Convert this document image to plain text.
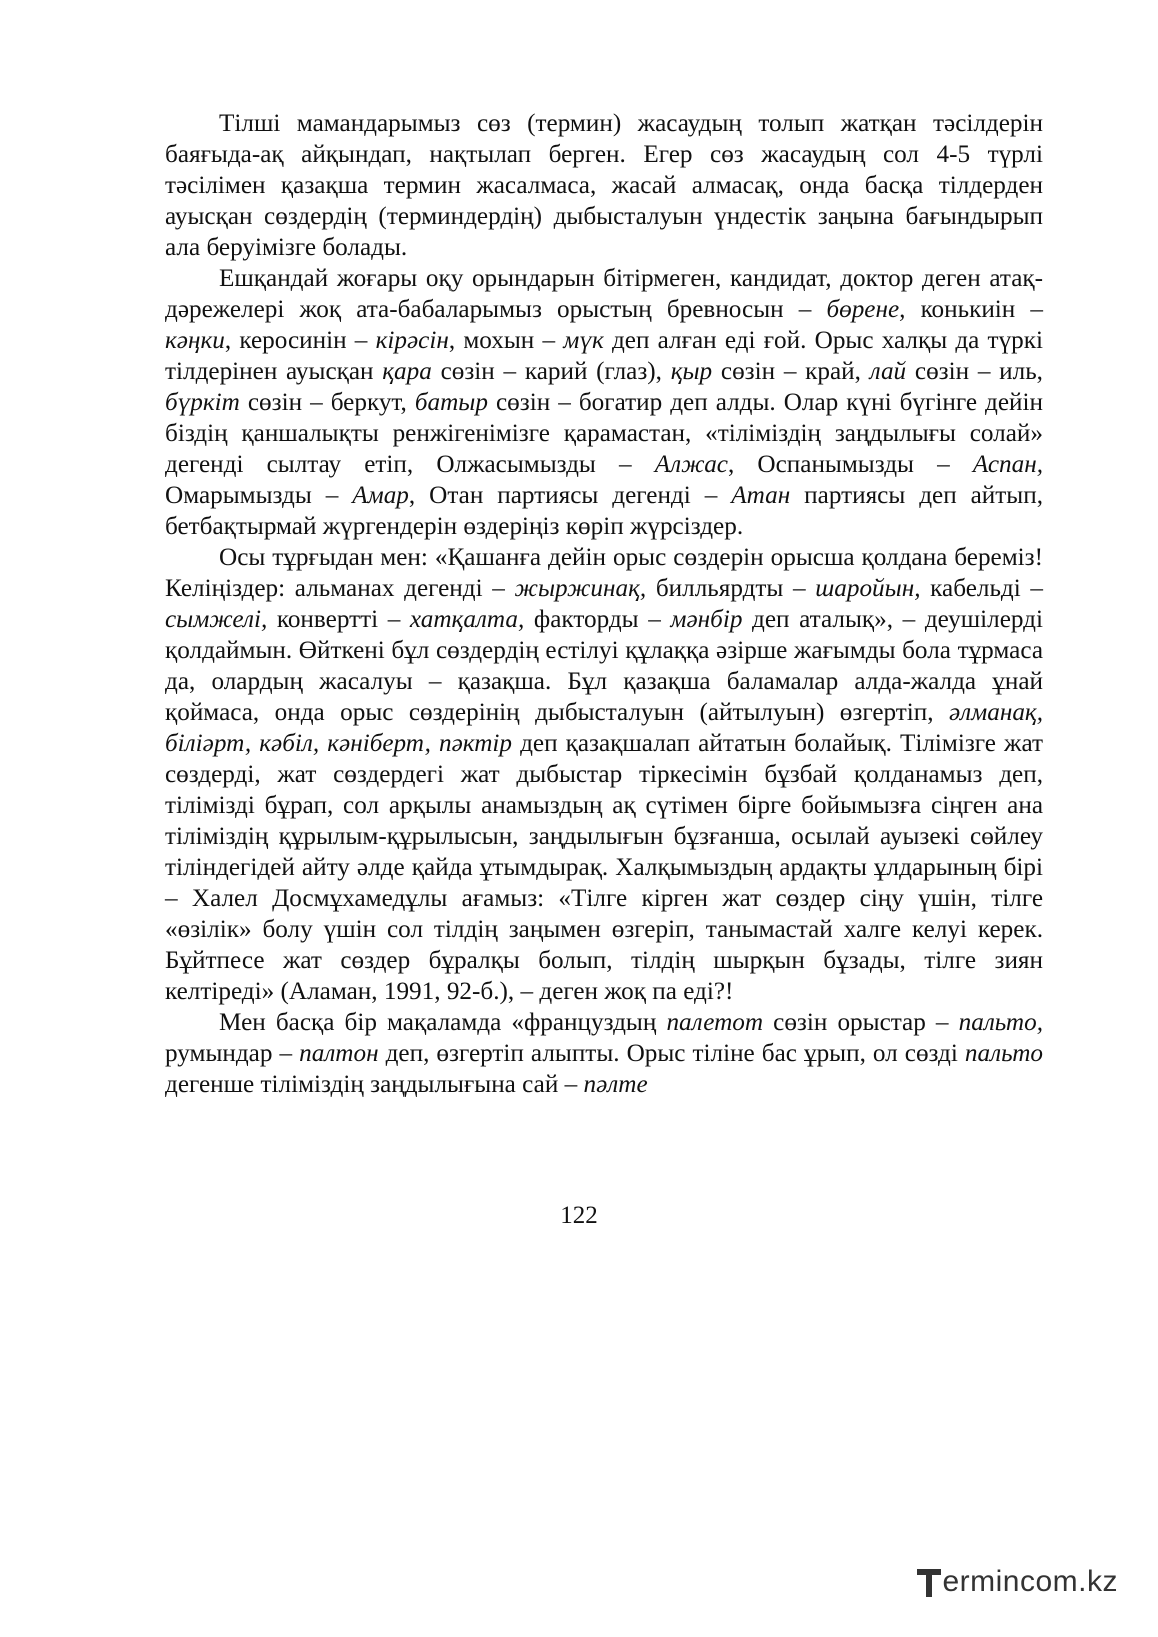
Тілші мамандарымыз сөз (термин) жасаудың толып жатқан тәсілдерін баяғыда-ақ айқындап, нақтылап берген. Егер сөз жасаудың сол 4-5 түрлі тәсілімен қазақша термин жасалмаса, жасай алмасақ, онда басқа тілдерден ауысқан сөздердің (терминдердің) дыбысталуын үндестік заңына бағындырып ала беруімізге болады.

Ешқандай жоғары оқу орындарын бітірмеген, кандидат, доктор деген атақ-дәрежелері жоқ ата-бабаларымыз орыстың бревносын – бөрене, конькиін – кәңки, керосинін – кірәсін, мохын – мүк деп алған еді ғой. Орыс халқы да түркі тілдерінен ауысқан қара сөзін – карий (глаз), қыр сөзін – край, лай сөзін – иль, бүркіт сөзін – беркут, батыр сөзін – богатир деп алды. Олар күні бүгінге дейін біздің қаншалықты ренжігенімізге қарамастан, «тіліміздің заңдылығы солай» дегенді сылтау етіп, Олжасымызды – Алжас, Оспанымызды – Аспан, Омарымызды – Амар, Отан партиясы дегенді – Атан партиясы деп айтып, бетбақтырмай жүргендерін өздеріңіз көріп жүрсіздер.

Осы тұрғыдан мен: «Қашанға дейін орыс сөздерін орысша қолдана береміз! Келіңіздер: альманах дегенді – жыржинақ, билльярдты – шаройын, кабельді – сымжелі, конвертті – хатқалта, факторды – мәнбір деп аталық», – деушілерді қолдаймын. Өйткені бұл сөздердің естілуі құлаққа әзірше жағымды бола тұрмаса да, олардың жасалуы – қазақша. Бұл қазақша баламалар алда-жалда ұнай қоймаса, онда орыс сөздерінің дыбысталуын (айтылуын) өзгертіп, әлманақ, біліәрт, кәбіл, кәніберт, пәктір деп қазақшалап айтатын болайық. Тілімізге жат сөздерді, жат сөздердегі жат дыбыстар тіркесімін бұзбай қолданамыз деп, тілімізді бұрап, сол арқылы анамыздың ақ сүтімен бірге бойымызға сіңген ана тіліміздің құрылым-құрылысын, заңдылығын бұзғанша, осылай ауызекі сөйлеу тіліндегідей айту әлде қайда ұтымдырақ. Халқымыздың ардақты ұлдарының бірі – Халел Досмұхамедұлы ағамыз: «Тілге кірген жат сөздер сіңу үшін, тілге «өзілік» болу үшін сол тілдің заңымен өзгеріп, танымастай халге келуі керек. Бұйтпесе жат сөздер бұралқы болып, тілдің шырқын бұзады, тілге зиян келтіреді» (Аламан, 1991, 92-б.), – деген жоқ па еді?!

Мен басқа бір мақаламда «француздың палетот сөзін орыстар – пальто, румындар – палтон деп, өзгертіп алыпты. Орыс тіліне бас ұрып, ол сөзді пальто дегенше тіліміздің заңдылығына сай – пәлте

122
ermincom.kz
